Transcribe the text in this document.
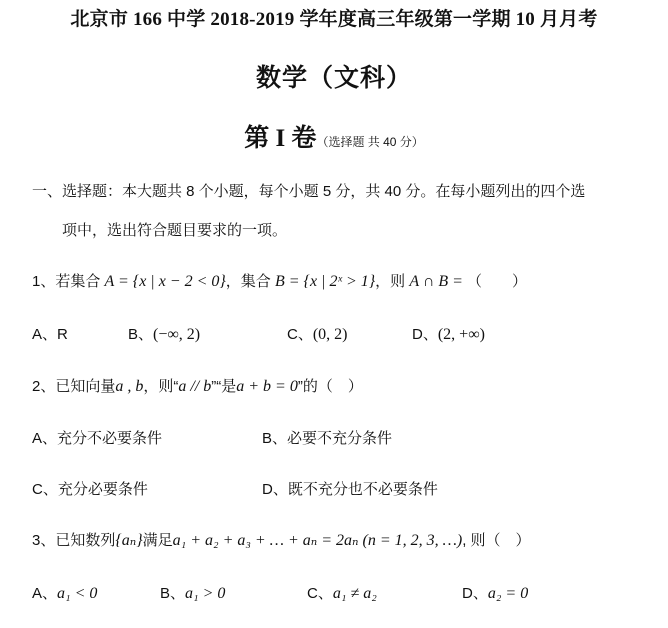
北京市 166 中学 2018-2019 学年度高三年级第一学期 10 月月考
数学（文科）
第 I 卷（选择题 共 40 分）
一、选择题：本大题共 8 个小题，每个小题 5 分，共 40 分。在每小题列出的四个选
项中，选出符合题目要求的一项。
1、若集合 A = {x | x − 2 < 0}，集合 B = {x | 2ˣ > 1}，则 A ∩ B = （　　）
A、R	B、(−∞, 2)	C、(0, 2)	D、(2, +∞)
2、已知向量a , b，则“a // b”“是a + b = 0”的（　）
A、充分不必要条件	B、必要不充分条件
C、充分必要条件	D、既不充分也不必要条件
3、已知数列{aₙ}满足a₁ + a₂ + a₃ + … + aₙ = 2aₙ (n = 1, 2, 3, …), 则（　）
A、a₁ < 0	B、a₁ > 0	C、a₁ ≠ a₂	D、a₂ = 0
